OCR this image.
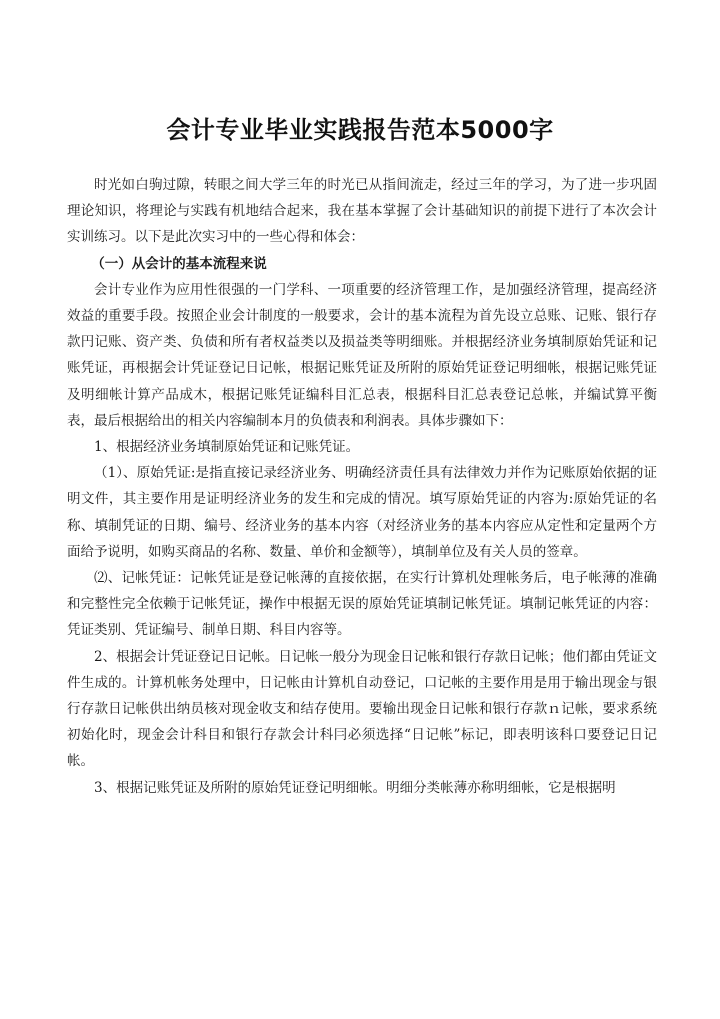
会计专业毕业实践报告范本5000字

时光如白驹过隙，转眼之间大学三年的时光已从指间流走，经过三年的学习，为了进一步巩固理论知识，将理论与实践有机地结合起来，我在基本掌握了会计基础知识的前提下进行了本次会计实训练习。以下是此次实习中的一些心得和体会：

（一）从会计的基本流程来说

会计专业作为应用性很强的一门学科、一项重要的经济管理工作，是加强经济管理，提高经济效益的重要手段。按照企业会计制度的一般要求，会计的基本流程为首先设立总账、记账、银行存款円记账、资产类、负债和所有者权益类以及损益类等明细账。并根据经济业务填制原始凭证和记账凭证，再根据会计凭证登记日记帐，根据记账凭证及所附的原始凭证登记明细帐，根据记账凭证及明细帐计算产品成木，根据记账凭证编科目汇总表，根据科目汇总表登记总帐，并编试算平衡表，最后根据给出的相关内容编制本月的负债表和利润表。具体步骤如下：

1、根据经济业务填制原始凭证和记账凭证。

（1）、原始凭证:是指直接记录经济业务、明确经济责任具有法律效力并作为记账原始依据的证明文件，其主要作用是证明经济业务的发生和完成的情况。填写原始凭证的内容为:原始凭证的名称、填制凭证的日期、编号、经济业务的基本内容（对经济业务的基本内容应从定性和定量两个方面给予说明，如购买商品的名称、数量、单价和金额等），填制单位及有关人员的签章。

⑵、记帐凭证：记帐凭证是登记帐薄的直接依据，在实行计算机处理帐务后，电子帐薄的准确和完整性完全依赖于记帐凭证，操作中根据无误的原始凭证填制记帐凭证。填制记帐凭证的内容：凭证类别、凭证编号、制单日期、科目内容等。

2、根据会计凭证登记日记帐。日记帐一般分为现金日记帐和银行存款日记帐；他们都由凭证文件生成的。计算机帐务处理中，日记帐由计算机自动登记，口记帐的主要作用是用于输出现金与银行存款日记帐供出纳员核对现金收支和结存使用。要输出现金日记帐和银行存款ｎ记帐，要求系统初始化时，现金会计科目和银行存款会计科冃必须选择“日记帐”标记，即表明该科口要登记日记帐。

3、根据记账凭证及所附的原始凭证登记明细帐。明细分类帐薄亦称明细帐，它是根据明
